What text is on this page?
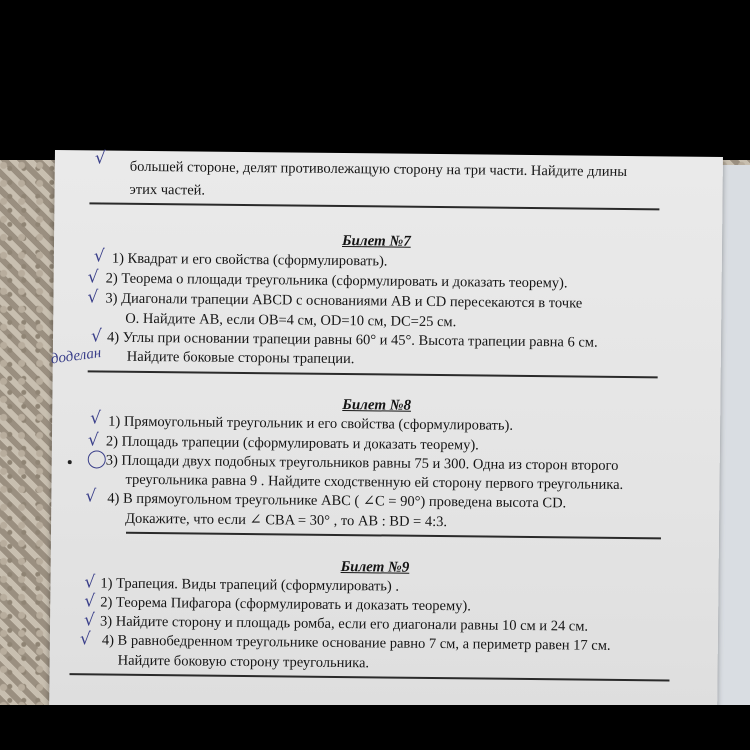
√
большей стороне, делят противолежащую сторону на три части. Найдите длины
этих частей.
Билет №7
√ 1) Квадрат и его свойства (сформулировать).
√ 2) Теорема о площади треугольника (сформулировать и доказать теорему).
√ 3) Диагонали трапеции ABCD с основаниями AB и CD пересекаются в точке
О. Найдите AB, если OB=4 см, OD=10 см, DC=25 см.
√ 4) Углы при основании трапеции равны 60° и 45°. Высота трапеции равна 6 см.
доделан Найдите боковые стороны трапеции.
Билет №8
√ 1) Прямоугольный треугольник и его свойства (сформулировать).
√ 2) Площадь трапеции (сформулировать и доказать теорему).
3) Площади двух подобных треугольников равны 75 и 300. Одна из сторон второго
треугольника равна 9 . Найдите сходственную ей сторону первого треугольника.
√ 4) В прямоугольном треугольнике ABC ( ∠C = 90°) проведена высота CD.
Докажите, что если ∠ CBA = 30° , то AB : BD = 4:3.
Билет №9
√ 1) Трапеция. Виды трапеций (сформулировать) .
√ 2) Теорема Пифагора (сформулировать и доказать теорему).
√ 3) Найдите сторону и площадь ромба, если его диагонали равны 10 см и 24 см.
√ 4) В равнобедренном треугольнике основание равно 7 см, а периметр равен 17 см.
Найдите боковую сторону треугольника.
